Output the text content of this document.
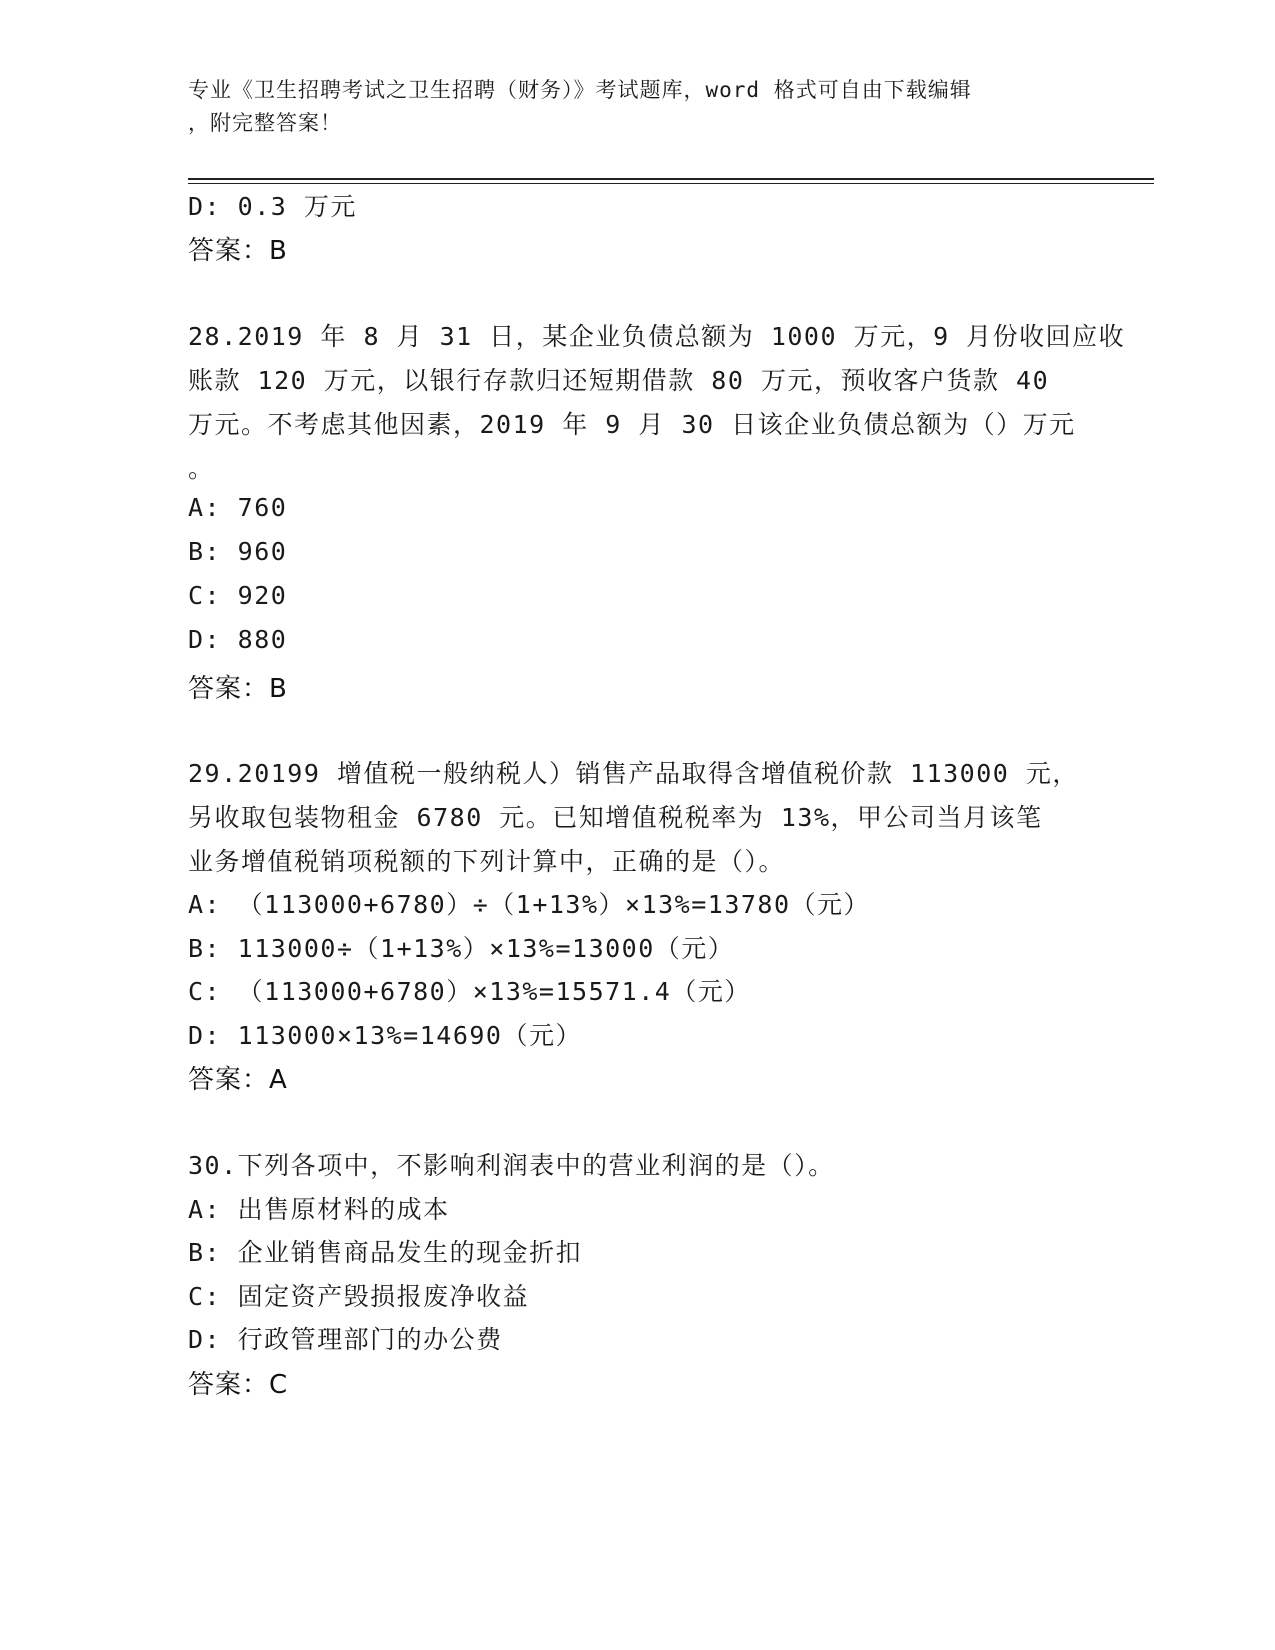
专业《卫生招聘考试之卫生招聘（财务）》考试题库，word 格式可自由下载编辑
，附完整答案！
D: 0.3 万元
答案：B
28.2019 年 8 月 31 日，某企业负债总额为 1000 万元，9 月份收回应收
账款 120 万元，以银行存款归还短期借款 80 万元，预收客户货款 40
万元。不考虑其他因素，2019 年 9 月 30 日该企业负债总额为（）万元
。
A: 760
B: 960
C: 920
D: 880
答案：B
29.20199 增值税一般纳税人）销售产品取得含增值税价款 113000 元，
另收取包装物租金 6780 元。已知增值税税率为 13%，甲公司当月该笔
业务增值税销项税额的下列计算中，正确的是（）。
A: （113000+6780）÷（1+13%）×13%=13780（元）
B: 113000÷（1+13%）×13%=13000（元）
C: （113000+6780）×13%=15571.4（元）
D: 113000×13%=14690（元）
答案：A
30.下列各项中，不影响利润表中的营业利润的是（）。
A: 出售原材料的成本
B: 企业销售商品发生的现金折扣
C: 固定资产毁损报废净收益
D: 行政管理部门的办公费
答案：C
